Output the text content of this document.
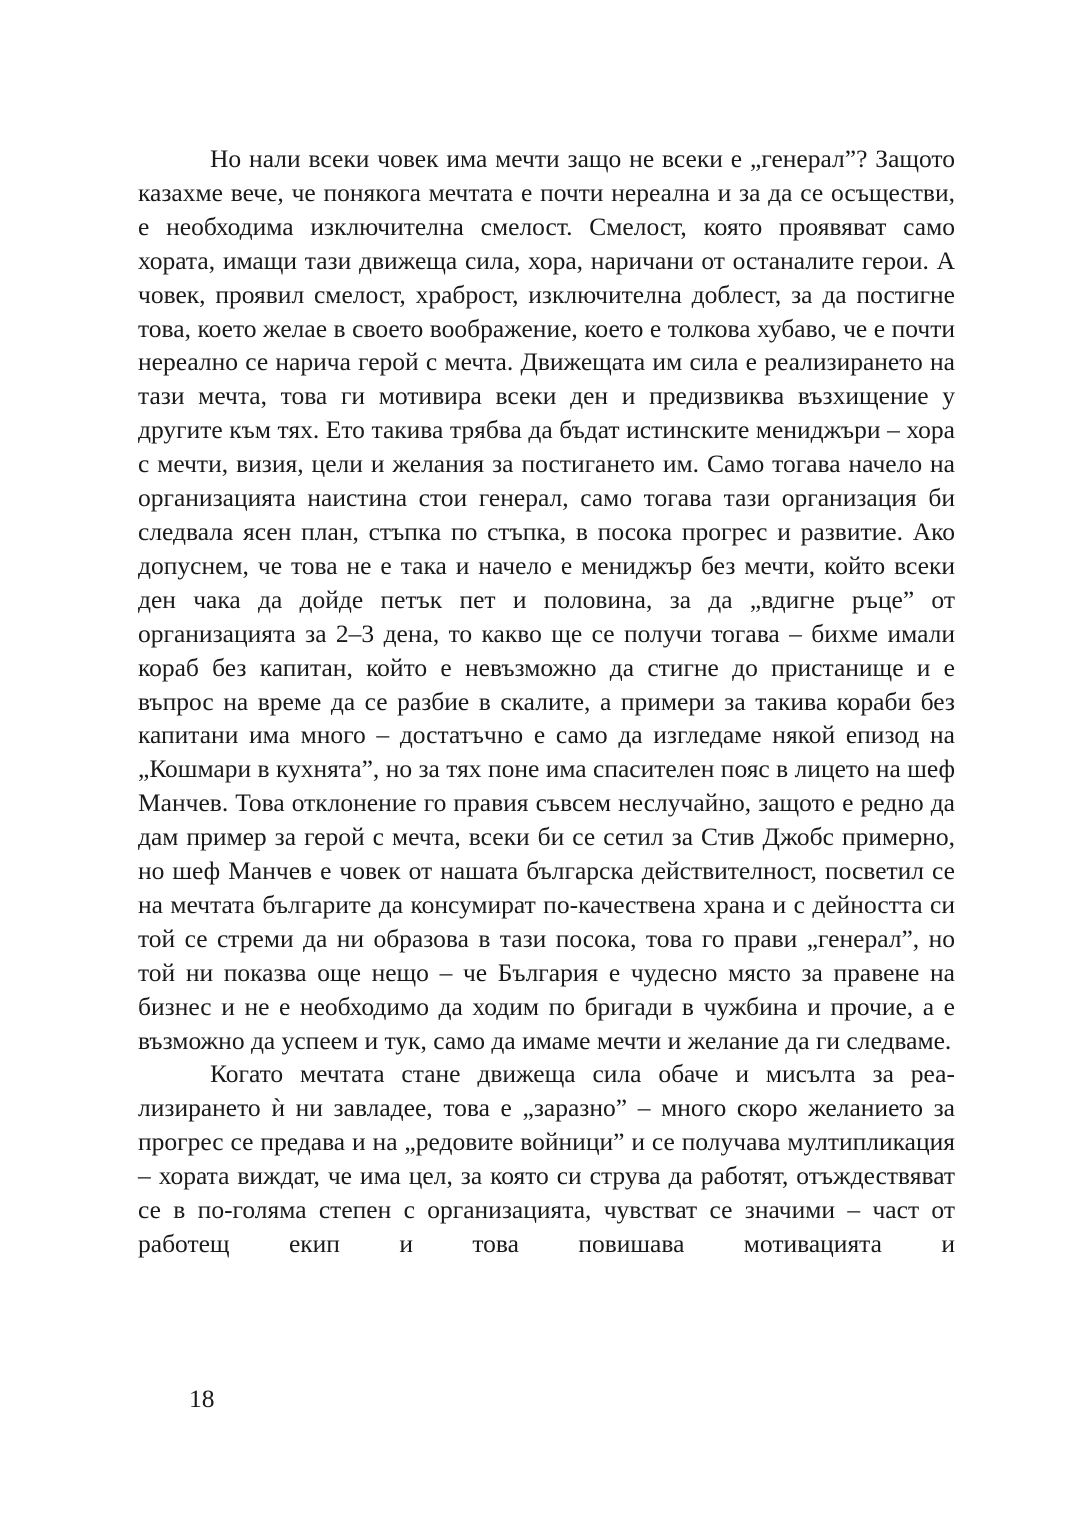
Но нали всеки човек има мечти защо не всеки е „генерал”? Защото казахме вече, че понякога мечтата е почти нереална и за да се осъществи, е необходима изключителна смелост. Смелост, която проявяват само хората, имащи тази движеща сила, хора, наричани от останалите герои. А човек, проявил смелост, храброст, изключителна доблест, за да постигне това, което желае в своето воображение, което е толкова хубаво, че е почти нереално се нарича герой с мечта. Движещата им сила е реализирането на тази мечта, това ги мотивира всеки ден и предизвиква възхищение у другите към тях. Ето такива трябва да бъдат истинските мениджъри – хора с мечти, визия, цели и желания за постигането им. Само тогава начело на организацията наистина стои генерал, само тогава тази организация би следвала ясен план, стъпка по стъпка, в посока прогрес и развитие. Ако допуснем, че това не е така и начело е мениджър без мечти, който всеки ден чака да дойде петък пет и половина, за да „вдигне ръце” от организацията за 2–3 дена, то какво ще се получи тогава – бихме имали кораб без капитан, който е невъзможно да стигне до пристанище и е въпрос на време да се разбие в скалите, а примери за такива кораби без капитани има много – достатъчно е само да изгледаме някой епизод на „Кошмари в кухнята”, но за тях поне има спасителен пояс в лицето на шеф Манчев. Това отклонение го правия съвсем неслучайно, защото е редно да дам пример за герой с мечта, всеки би се сетил за Стив Джобс примерно, но шеф Манчев е човек от нашата българска действителност, посветил се на мечтата българите да консумират по-качествена храна и с дейността си той се стреми да ни образова в тази посока, това го прави „генерал”, но той ни показва още нещо – че България е чудесно място за правене на бизнес и не е необходимо да ходим по бригади в чужбина и прочие, а е възможно да успеем и тук, само да имаме мечти и желание да ги следваме.

Когато мечтата стане движеща сила обаче и мисълта за реализирането ѝ ни завладее, това е „заразно” – много скоро желанието за прогрес се предава и на „редовите войници” и се получава мултипликация – хората виждат, че има цел, за която си струва да работят, отъждествяват се в по-голяма степен с организацията, чувстват се значими – част от работещ екип и това повишава мотивацията и

18
